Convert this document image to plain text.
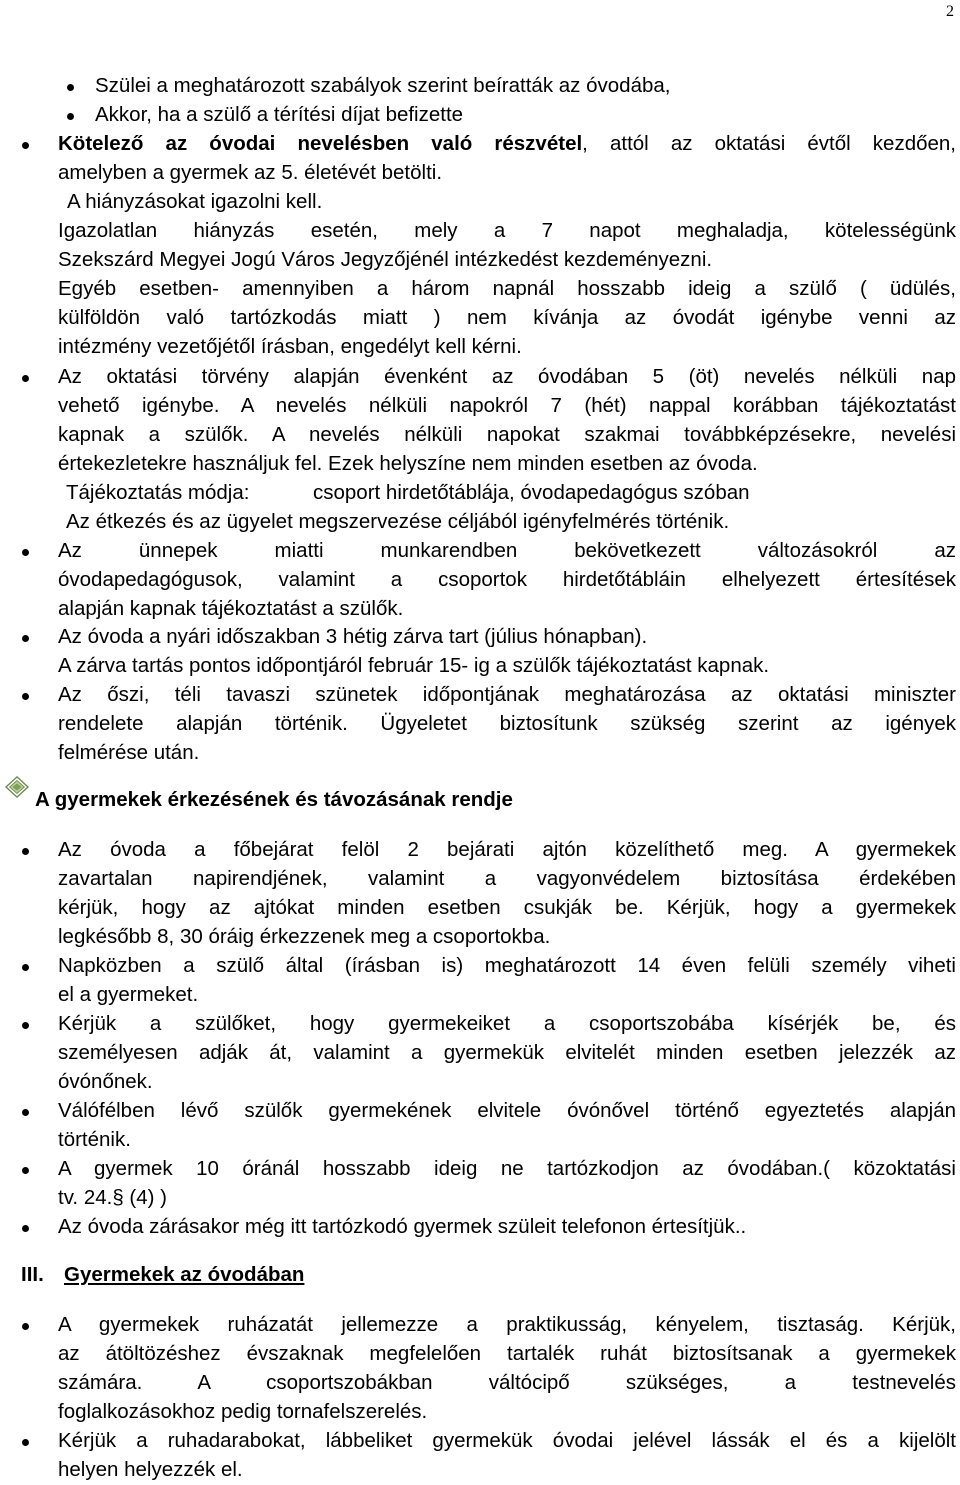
2
Szülei a meghatározott szabályok szerint beíratták az óvodába,
Akkor, ha a szülő a térítési díjat befizette
Kötelező az óvodai nevelésben való részvétel, attól az oktatási évtől kezdően,
amelyben a gyermek az 5. életévét betölti.
A hiányzásokat igazolni kell.
Igazolatlan hiányzás esetén, mely a 7 napot meghaladja, kötelességünk
Szekszárd Megyei Jogú Város Jegyzőjénél intézkedést kezdeményezni.
Egyéb esetben- amennyiben a három napnál hosszabb ideig a szülő ( üdülés,
külföldön való tartózkodás miatt ) nem kívánja az óvodát igénybe venni az
intézmény vezetőjétől írásban, engedélyt kell kérni.
Az oktatási törvény alapján évenként az óvodában 5 (öt) nevelés nélküli nap
vehető igénybe. A nevelés nélküli napokról 7 (hét) nappal korábban tájékoztatást
kapnak a szülők. A nevelés nélküli napokat szakmai továbbképzésekre, nevelési
értekezletekre használjuk fel. Ezek helyszíne nem minden esetben az óvoda.
Tájékoztatás módja:	csoport hirdetőtáblája, óvodapedagógus szóban
Az étkezés és az ügyelet megszervezése céljából igényfelmérés történik.
Az ünnepek miatti munkarendben bekövetkezett változásokról az
óvodapedagógusok, valamint a csoportok hirdetőtábláin elhelyezett értesítések
alapján kapnak tájékoztatást a szülők.
Az óvoda a nyári időszakban 3 hétig zárva tart (július hónapban).
A zárva tartás pontos időpontjáról február 15- ig a szülők tájékoztatást kapnak.
Az őszi, téli tavaszi szünetek időpontjának meghatározása az oktatási miniszter
rendelete alapján történik. Ügyeletet biztosítunk szükség szerint az igények
felmérése után.
A gyermekek érkezésének és távozásának rendje
Az óvoda a főbejárat felöl 2 bejárati ajtón közelíthető meg. A gyermekek
zavartalan napirendjének, valamint a vagyonvédelem biztosítása érdekében
kérjük, hogy az ajtókat minden esetben csukják be. Kérjük, hogy a gyermekek
legkésőbb 8, 30 óráig érkezzenek meg a csoportokba.
Napközben a szülő által (írásban is) meghatározott 14 éven felüli személy viheti
el a gyermeket.
Kérjük a szülőket, hogy gyermekeiket a csoportszobába kísérjék be, és
személyesen adják át, valamint a gyermekük elvitelét minden esetben jelezzék az
óvónőnek.
Válófélben lévő szülők gyermekének elvitele óvónővel történő egyeztetés alapján
történik.
A gyermek 10 óránál hosszabb ideig ne tartózkodjon az óvodában.( közoktatási
tv. 24.§ (4) )
Az óvoda zárásakor még itt tartózkodó gyermek szüleit telefonon értesítjük..
III. Gyermekek az óvodában
A gyermekek ruházatát jellemezze a praktikusság, kényelem, tisztaság. Kérjük,
az átöltözéshez évszaknak megfelelően tartalék ruhát biztosítsanak a gyermekek
számára. A csoportszobákban váltócipő szükséges, a testnevelés
foglalkozásokhoz pedig tornafelszerelés.
Kérjük a ruhadarabokat, lábbeliket gyermekük óvodai jelével lássák el és a kijelölt
helyen helyezzék el.
